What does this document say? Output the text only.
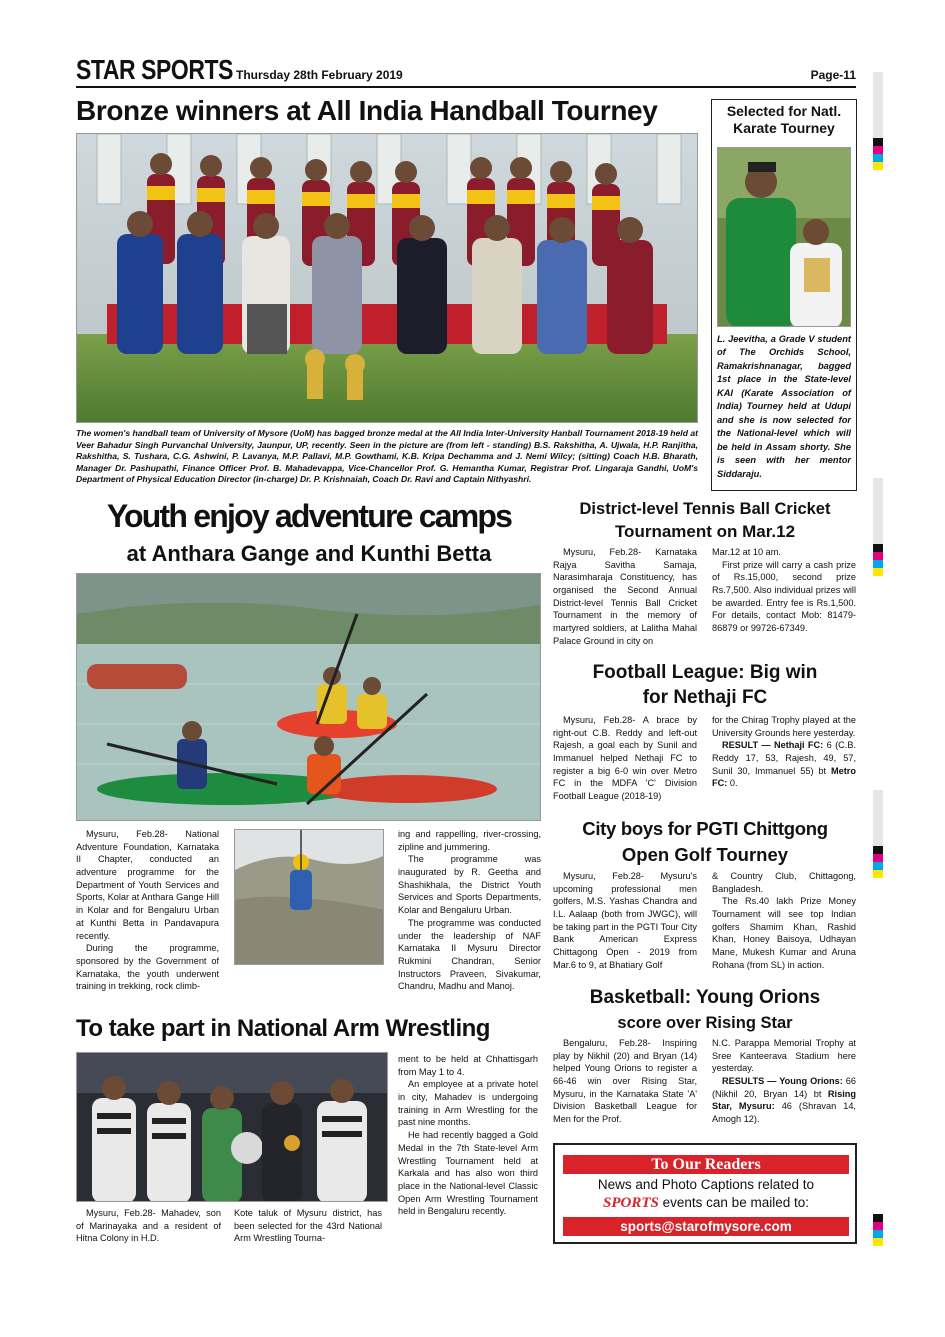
STAR SPORTS Thursday 28th February 2019	Page-11
Bronze winners at All India Handball Tourney
The women's handball team of University of Mysore (UoM) has bagged bronze medal at the All India Inter-University Hanball Tournament 2018-19 held at Veer Bahadur Singh Purvanchal University, Jaunpur, UP, recently. Seen in the picture are (from left - standing) B.S. Rakshitha, A. Ujwala, H.P. Ranjitha, Rakshitha, S. Tushara, C.G. Ashwini, P. Lavanya, M.P. Pallavi, M.P. Gowthami, K.B. Kripa Dechamma and J. Nemi Wilcy; (sitting) Coach H.B. Bharath, Manager Dr. Pashupathi, Finance Officer Prof. B. Mahadevappa, Vice-Chancellor Prof. G. Hemantha Kumar, Registrar Prof. Lingaraja Gandhi, UoM's Department of Physical Education Director (in-charge) Dr. P. Krishnaiah, Coach Dr. Ravi and Captain Nithyashri.
Selected for Natl. Karate Tourney
L. Jeevitha, a Grade V student of The Orchids School, Ramakrishnanagar, bagged 1st place in the State-level KAI (Karate Association of India) Tourney held at Udupi and she is now selected for the National-level which will be held in Assam shorty. She is seen with her mentor Siddaraju.
Youth enjoy adventure camps
at Anthara Gange and Kunthi Betta

Mysuru, Feb.28- National Adventure Foundation, Karnataka II Chapter, conducted an adventure programme for the Department of Youth Services and Sports, Kolar at Anthara Gange Hill in Kolar and for Bengaluru Urban at Kunthi Betta in Pandavapura recently.

During the programme, sponsored by the Government of Karnataka, the youth underwent training in trekking, rock climb-

ing and rappelling, river-crossing, zipline and jummering.

The programme was inaugurated by R. Geetha and Shashikhala, the District Youth Services and Sports Departments, Kolar and Bengaluru Urban.

The programme was conducted under the leadership of NAF Karnataka II Mysuru Director Rukmini Chandran, Senior Instructors Praveen, Sivakumar, Chandru, Madhu and Manoj.

To take part in National Arm Wrestling

Mysuru, Feb.28- Mahadev, son of Marinayaka and a resident of Hitna Colony in H.D.

Kote taluk of Mysuru district, has been selected for the 43rd National Arm Wrestling Tourna-

ment to be held at Chhattisgarh from May 1 to 4.

An employee at a private hotel in city, Mahadev is undergoing training in Arm Wrestling for the past nine months.

He had recently bagged a Gold Medal in the 7th State-level Arm Wrestling Tournament held at Karkala and has also won third place in the National-level Classic Open Arm Wrestling Tournament held in Bengaluru recently.

District-level Tennis Ball Cricket
Tournament on Mar.12

Mysuru, Feb.28- Karnataka Rajya Savitha Samaja, Narasimharaja Constituency, has organised the Second Annual District-level Tennis Ball Cricket Tournament in the memory of martyred soldiers, at Lalitha Mahal Palace Ground in city on

Mar.12 at 10 am.

First prize will carry a cash prize of Rs.15,000, second prize Rs.7,500. Also individual prizes will be awarded. Entry fee is Rs.1,500. For details, contact Mob: 81479-86879 or 99726-67349.

Football League: Big win
for Nethaji FC

Mysuru, Feb.28- A brace by right-out C.B. Reddy and left-out Rajesh, a goal each by Sunil and Immanuel helped Nethaji FC to register a big 6-0 win over Metro FC in the MDFA 'C' Division Football League (2018-19)

for the Chirag Trophy played at the University Grounds here yesterday.

RESULT — Nethaji FC: 6 (C.B. Reddy 17, 53, Rajesh, 49, 57, Sunil 30, Immanuel 55) bt Metro FC: 0.

City boys for PGTI Chittgong
Open Golf Tourney

Mysuru, Feb.28- Mysuru's upcoming professional men golfers, M.S. Yashas Chandra and I.L. Aalaap (both from JWGC), will be taking part in the PGTI Tour City Bank American Express Chittagong Open - 2019 from Mar.6 to 9, at Bhatiary Golf

& Country Club, Chittagong, Bangladesh.

The Rs.40 lakh Prize Money Tournament will see top Indian golfers Shamim Khan, Rashid Khan, Honey Baisoya, Udhayan Mane, Mukesh Kumar and Aruna Rohana (from SL) in action.

Basketball: Young Orions
score over Rising Star

Bengaluru, Feb.28- Inspiring play by Nikhil (20) and Bryan (14) helped Young Orions to register a 66-46 win over Rising Star, Mysuru, in the Karnataka State 'A' Division Basketball League for Men for the Prof.

N.C. Parappa Memorial Trophy at Sree Kanteerava Stadium here yesterday.

RESULTS — Young Orions: 66 (Nikhil 20, Bryan 14) bt Rising Star, Mysuru: 46 (Shravan 14, Amogh 12).

To Our Readers
News and Photo Captions related to
SPORTS events can be mailed to:
sports@starofmysore.com
